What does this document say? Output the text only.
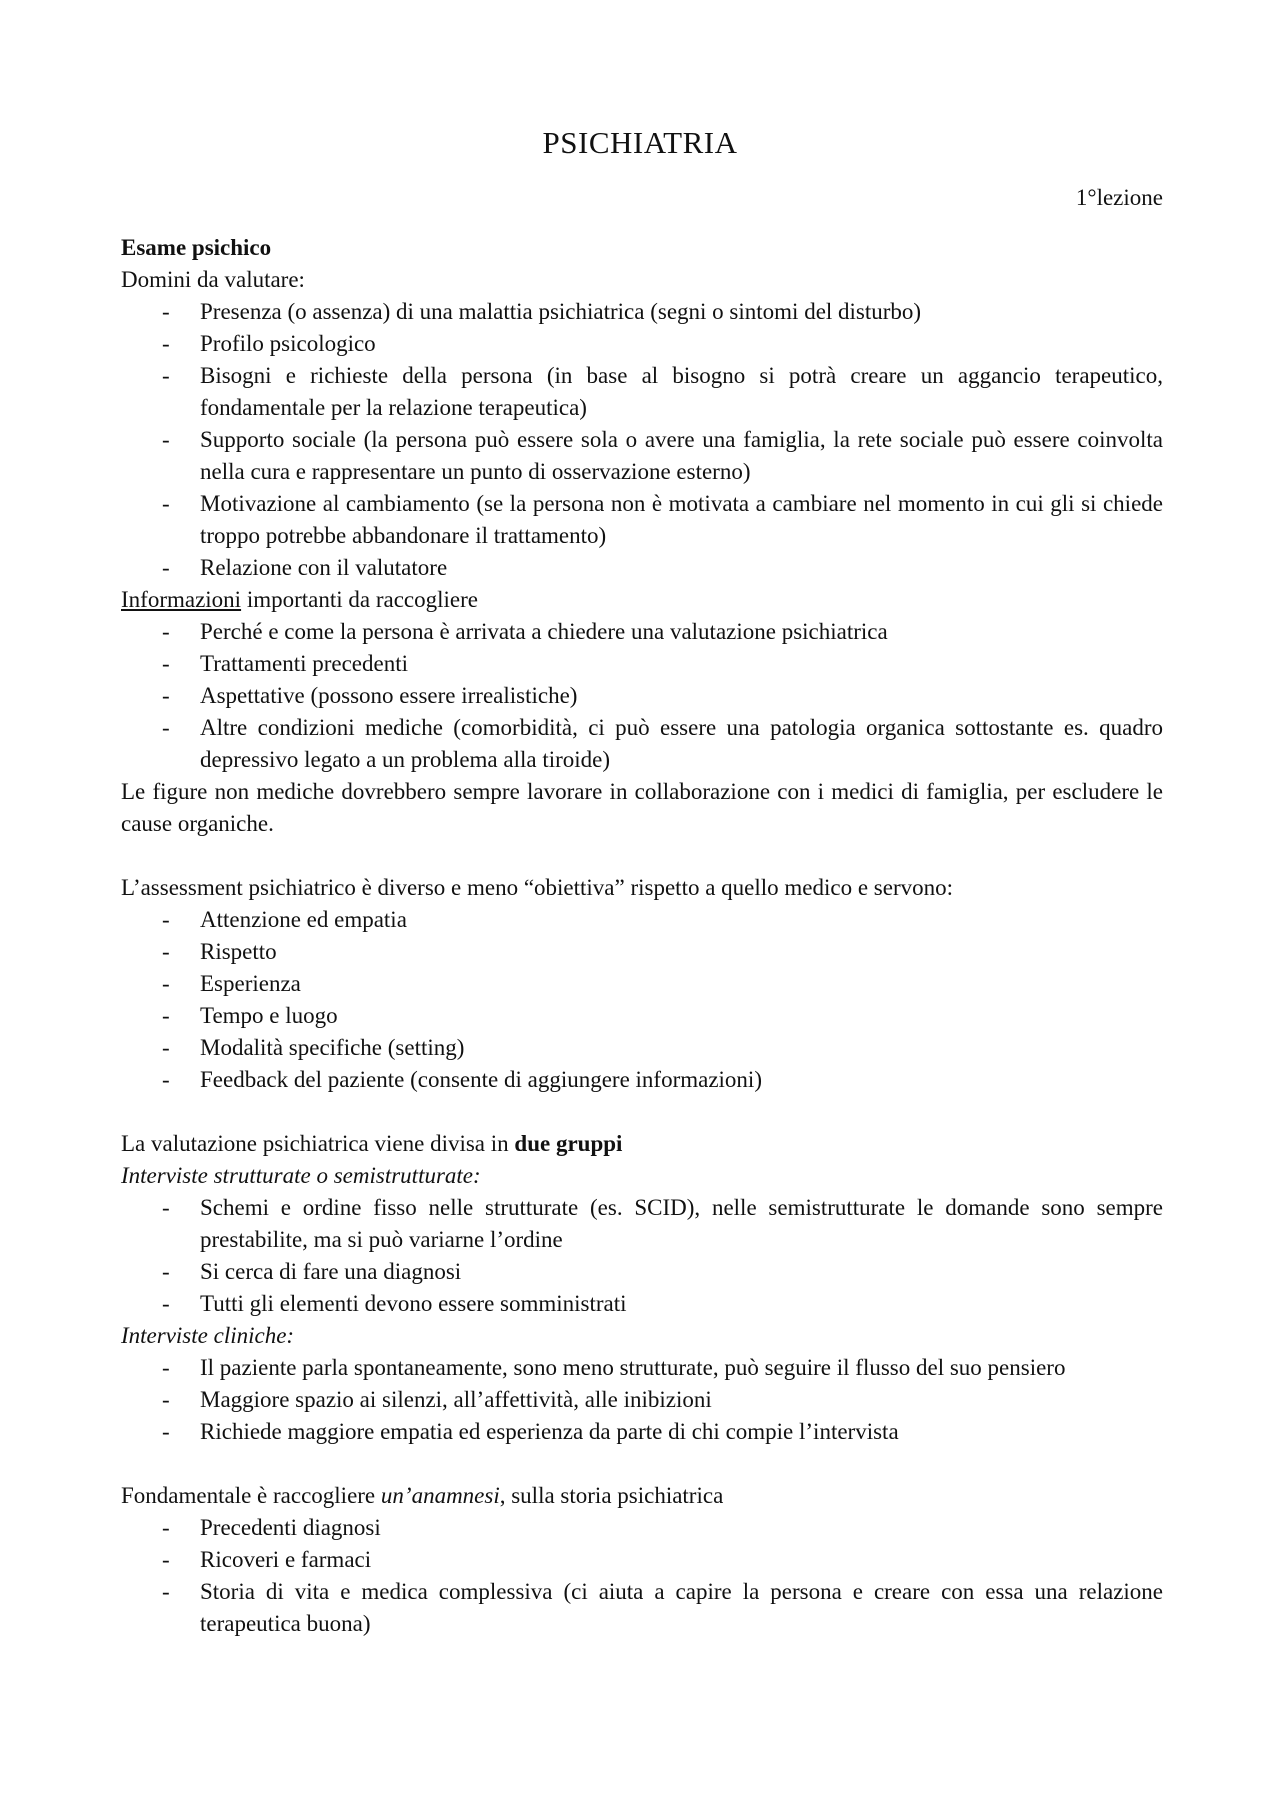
PSICHIATRIA
1°lezione

Esame psichico

Domini da valutare:

- Presenza (o assenza) di una malattia psichiatrica (segni o sintomi del disturbo)
- Profilo psicologico
- Bisogni e richieste della persona (in base al bisogno si potrà creare un aggancio terapeutico, fondamentale per la relazione terapeutica)
- Supporto sociale (la persona può essere sola o avere una famiglia, la rete sociale può essere coinvolta nella cura e rappresentare un punto di osservazione esterno)
- Motivazione al cambiamento (se la persona non è motivata a cambiare nel momento in cui gli si chiede troppo potrebbe abbandonare il trattamento)
- Relazione con il valutatore

Informazioni importanti da raccogliere

- Perché e come la persona è arrivata a chiedere una valutazione psichiatrica
- Trattamenti precedenti
- Aspettative (possono essere irrealistiche)
- Altre condizioni mediche (comorbidità, ci può essere una patologia organica sottostante es. quadro depressivo legato a un problema alla tiroide)

Le figure non mediche dovrebbero sempre lavorare in collaborazione con i medici di famiglia, per escludere le cause organiche.

L’assessment psichiatrico è diverso e meno “obiettiva” rispetto a quello medico e servono:

- Attenzione ed empatia
- Rispetto
- Esperienza
- Tempo e luogo
- Modalità specifiche (setting)
- Feedback del paziente (consente di aggiungere informazioni)

La valutazione psichiatrica viene divisa in due gruppi

Interviste strutturate o semistrutturate:

- Schemi e ordine fisso nelle strutturate (es. SCID), nelle semistrutturate le domande sono sempre prestabilite, ma si può variarne l’ordine
- Si cerca di fare una diagnosi
- Tutti gli elementi devono essere somministrati

Interviste cliniche:

- Il paziente parla spontaneamente, sono meno strutturate, può seguire il flusso del suo pensiero
- Maggiore spazio ai silenzi, all’affettività, alle inibizioni
- Richiede maggiore empatia ed esperienza da parte di chi compie l’intervista

Fondamentale è raccogliere un’anamnesi, sulla storia psichiatrica

- Precedenti diagnosi
- Ricoveri e farmaci
- Storia di vita e medica complessiva (ci aiuta a capire la persona e creare con essa una relazione terapeutica buona)
